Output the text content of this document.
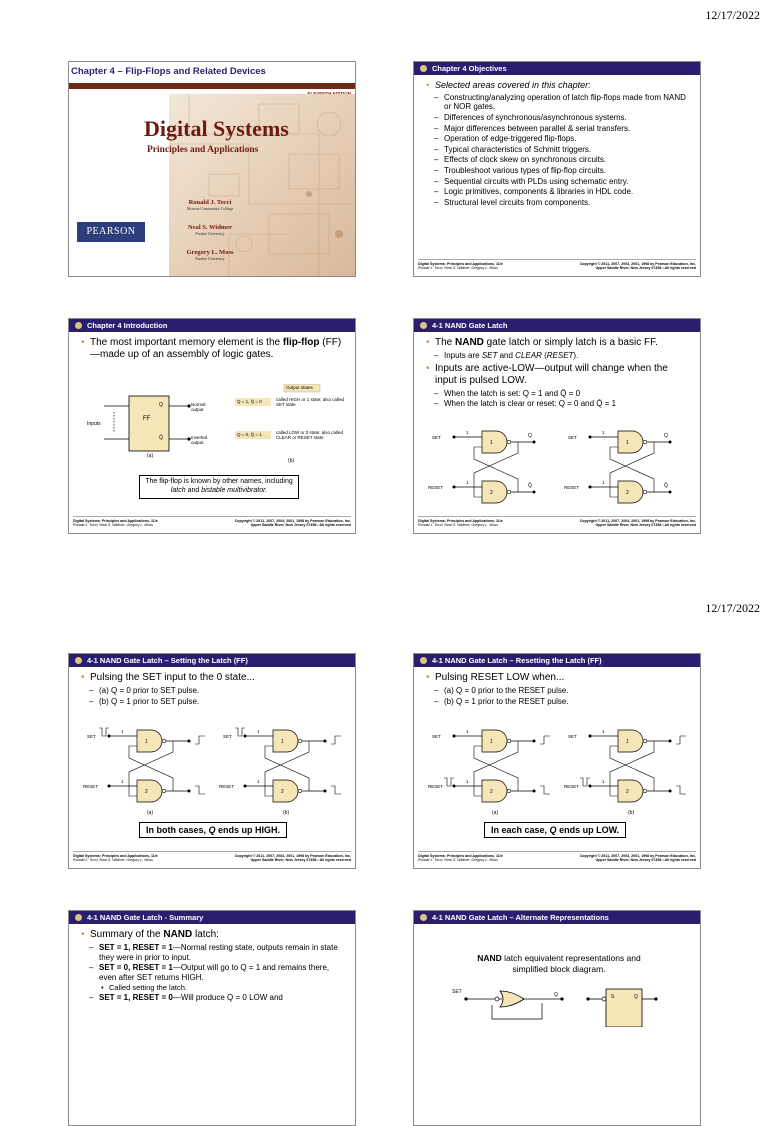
12/17/2022
Chapter 4 – Flip-Flops and Related Devices
Digital Systems
Principles and Applications
PEARSON
Ronald J. Tocci
Monroe Community College
Neal S. Widmer
Purdue University
Gregory L. Moss
Purdue University
Chapter 4 Objectives
• Selected areas covered in this chapter:
– Constructing/analyzing operation of latch flip-flops made from NAND or NOR gates.
– Differences of synchronous/asynchronous systems.
– Major differences between parallel & serial transfers.
– Operation of edge-triggered flip-flops.
– Typical characteristics of Schmitt triggers.
– Effects of clock skew on synchronous circuits.
– Troubleshoot various types of flip-flop circuits.
– Sequential circuits with PLDs using schematic entry.
– Logic primitives, components & libraries in HDL code.
– Structural level circuits from components.
Digital Systems: Principles and Applications, 11/e
Ronald J. Tocci, Neal S. Widmer, Gregory L. Moss
Copyright © 2011, 2007, 2004, 2001, 1998 by Pearson Education, Inc.
Upper Saddle River, New Jersey 07458 • All rights reserved
Chapter 4 Introduction
• The most important memory element is the flip-flop (FF)—made up of an assembly of logic gates.
Inputs
FF
Q
Q̄
Normal output
Inverted output
(a)
Output states
Q = 1, Q̄ = 0	called HIGH or 1 state; also called SET state
Q = 0, Q̄ = 1	called LOW or 0 state; also called CLEAR or RESET state
(b)
The flip-flop is known by other names, including latch and bistable multivibrator.
Digital Systems: Principles and Applications, 11/e
Ronald J. Tocci, Neal S. Widmer, Gregory L. Moss
Copyright © 2011, 2007, 2004, 2001, 1998 by Pearson Education, Inc.
Upper Saddle River, New Jersey 07458 • All rights reserved
4-1 NAND Gate Latch
• The NAND gate latch or simply latch is a basic FF.
– Inputs are SET and CLEAR (RESET).
• Inputs are active-LOW—output will change when the input is pulsed LOW.
– When the latch is set: Q = 1 and Q̄ = 0
– When the latch is clear or reset: Q = 0 and Q̄ = 1
1
2
SET
RESET
Q
Q̄
1
1
1
2
SET
RESET
Q
Q̄
1
1
Digital Systems: Principles and Applications, 11/e
Ronald J. Tocci, Neal S. Widmer, Gregory L. Moss
Copyright © 2011, 2007, 2004, 2001, 1998 by Pearson Education, Inc.
Upper Saddle River, New Jersey 07458 • All rights reserved
12/17/2022
4-1 NAND Gate Latch – Setting the Latch (FF)
• Pulsing the SET input to the 0 state...
– (a) Q = 0 prior to SET pulse.
– (b) Q = 1 prior to SET pulse.
1
2
SET
RESET
1
1
(a)
1
2
SET
RESET
1
1
(b)
In both cases, Q ends up HIGH.
Digital Systems: Principles and Applications, 11/e
Ronald J. Tocci, Neal S. Widmer, Gregory L. Moss
Copyright © 2011, 2007, 2004, 2001, 1998 by Pearson Education, Inc.
Upper Saddle River, New Jersey 07458 • All rights reserved
4-1 NAND Gate Latch – Resetting the Latch (FF)
• Pulsing RESET LOW when...
– (a) Q = 0 prior to the RESET pulse.
– (b) Q = 1 prior to the RESET pulse.
1
2
SET
RESET
1
1
(a)
1
2
SET
RESET
1
1
(b)
In each case, Q ends up LOW.
Digital Systems: Principles and Applications, 11/e
Ronald J. Tocci, Neal S. Widmer, Gregory L. Moss
Copyright © 2011, 2007, 2004, 2001, 1998 by Pearson Education, Inc.
Upper Saddle River, New Jersey 07458 • All rights reserved
4-1 NAND Gate Latch - Summary
• Summary of the NAND latch:
– SET = 1, RESET = 1—Normal resting state, outputs remain in state they were in prior to input.
– SET = 0, RESET = 1—Output will go to Q = 1 and remains there, even after SET returns HIGH.
• Called setting the latch.
– SET = 1, RESET = 0—Will produce Q = 0 LOW and
4-1 NAND Gate Latch – Alternate Representations
NAND latch equivalent representations and simplified block diagram.
SET	Q	S	Q
